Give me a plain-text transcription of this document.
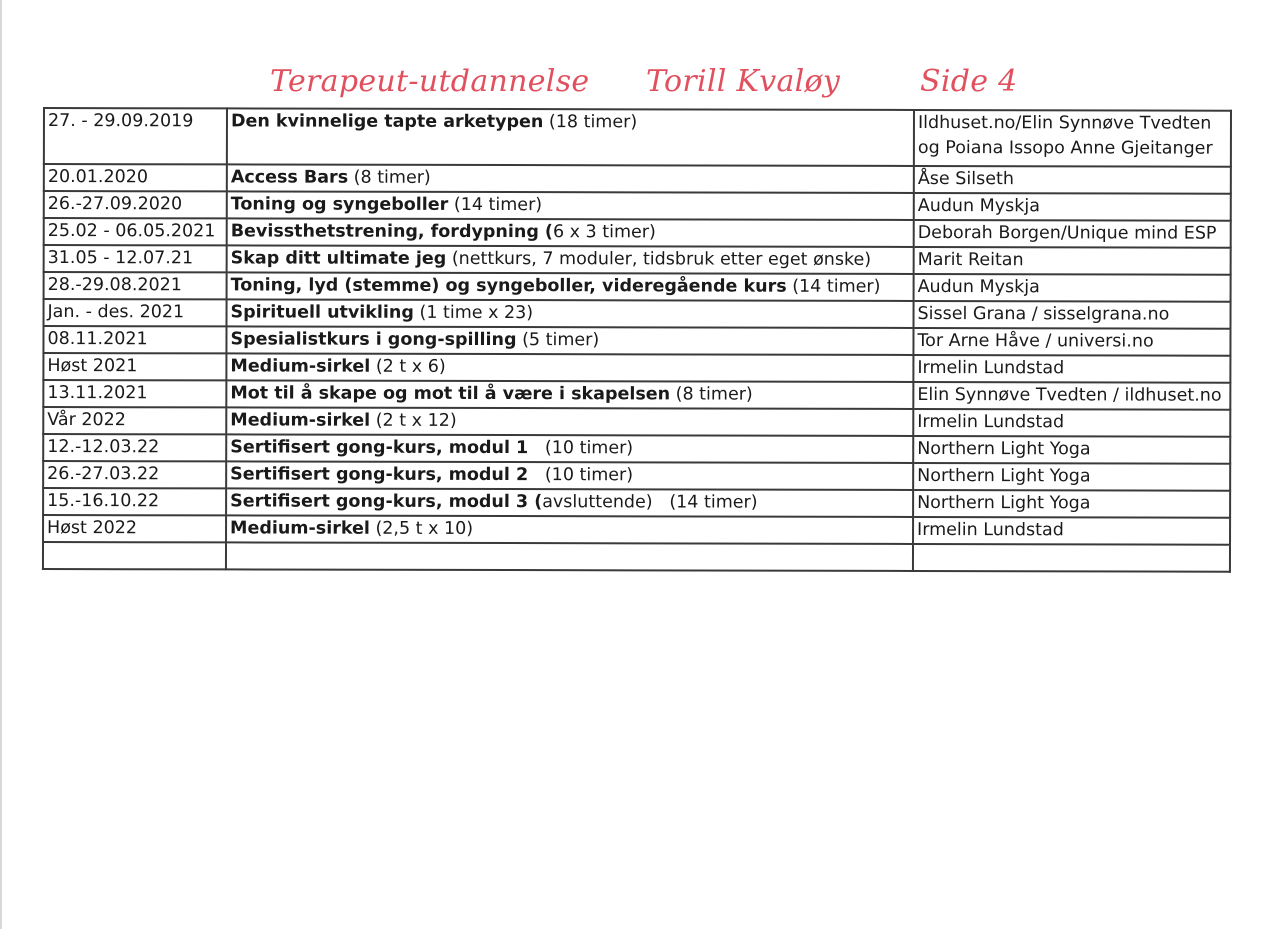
Terapeut-utdannelse Torill Kvaløy	Side 4
27. - 29.09.2019	Den kvinnelige tapte arketypen (18 timer)	Ildhuset.no/Elin Synnøve Tvedten
og Poiana Issopo Anne Gjeitanger

20.01.2020	Access Bars (8 timer)	Åse Silseth
26.-27.09.2020	Toning og syngeboller (14 timer)	Audun Myskja
25.02 - 06.05.2021	Bevissthetstrening, fordypning (6 x 3 timer)	Deborah Borgen/Unique mind ESP
31.05 - 12.07.21	Skap ditt ultimate jeg (nettkurs, 7 moduler, tidsbruk etter eget ønske)	Marit Reitan
28.-29.08.2021	Toning, lyd (stemme) og syngeboller, videregående kurs (14 timer)	Audun Myskja
Jan. - des. 2021	Spirituell utvikling (1 time x 23)	Sissel Grana / sisselgrana.no
08.11.2021	Spesialistkurs i gong-spilling (5 timer)	Tor Arne Håve / universi.no
Høst 2021	Medium-sirkel (2 t x 6)	Irmelin Lundstad
13.11.2021	Mot til å skape og mot til å være i skapelsen (8 timer)	Elin Synnøve Tvedten / ildhuset.no
Vår 2022	Medium-sirkel (2 t x 12)	Irmelin Lundstad
12.-12.03.22	Sertifisert gong-kurs, modul 1   (10 timer)	Northern Light Yoga
26.-27.03.22	Sertifisert gong-kurs, modul 2   (10 timer)	Northern Light Yoga
15.-16.10.22	Sertifisert gong-kurs, modul 3 (avsluttende)   (14 timer)	Northern Light Yoga
Høst 2022	Medium-sirkel (2,5 t x 10)	Irmelin Lundstad
